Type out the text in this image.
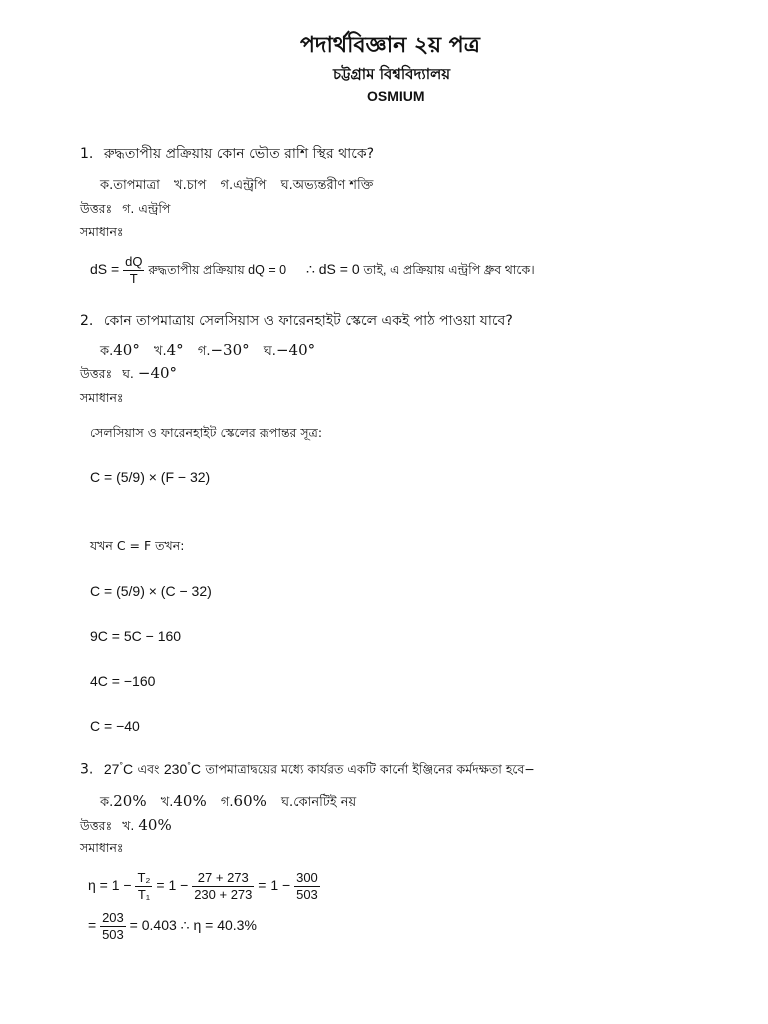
পদার্থবিজ্ঞান ২য় পত্র
চট্টগ্রাম বিশ্ববিদ্যালয়
OSMIUM
1. রুদ্ধতাপীয় প্রক্রিয়ায় কোন ভৌত রাশি স্থির থাকে?
ক.তাপমাত্রা খ.চাপ গ.এন্ট্রপি ঘ.অভ্যন্তরীণ শক্তি
উত্তরঃ গ. এন্ট্রপি
সমাধানঃ
dS = $\frac{dQ}{T}$ রুদ্ধতাপীয় প্রক্রিয়ায় dQ = 0 ∴ dS = 0 তাই, এ প্রক্রিয়ায় এন্ট্রপি ধ্রুব থাকে।
2. কোন তাপমাত্রায় সেলসিয়াস ও ফারেনহাইট স্কেলে একই পাঠ পাওয়া যাবে?
ক.40° খ.4° গ.−30° ঘ.−40°
উত্তরঃ ঘ. −40°
সমাধানঃ
সেলসিয়াস ও ফারেনহাইট স্কেলের রূপান্তর সূত্র:
C = (5/9) × (F − 32)
যখন C = F তখন:
C = (5/9) × (C − 32)
9C = 5C − 160
4C = −160
C = −40
3. 27°C এবং 230°C তাপমাত্রাদ্বয়ের মধ্যে কার্যরত একটি কার্নো ইঞ্জিনের কর্মদক্ষতা হবে−
ক.20% খ.40% গ.60% ঘ.কোনটিই নয়
উত্তরঃ খ. 40%
সমাধানঃ
$\eta = 1 - \frac{\text{T₂}}{\text{T₁}} = 1 - \frac{27 + 273}{230 + 273} = 1 - \frac{300}{503}$
= $\frac{203}{503} = 0.403$ ∴ η = 40.3%
